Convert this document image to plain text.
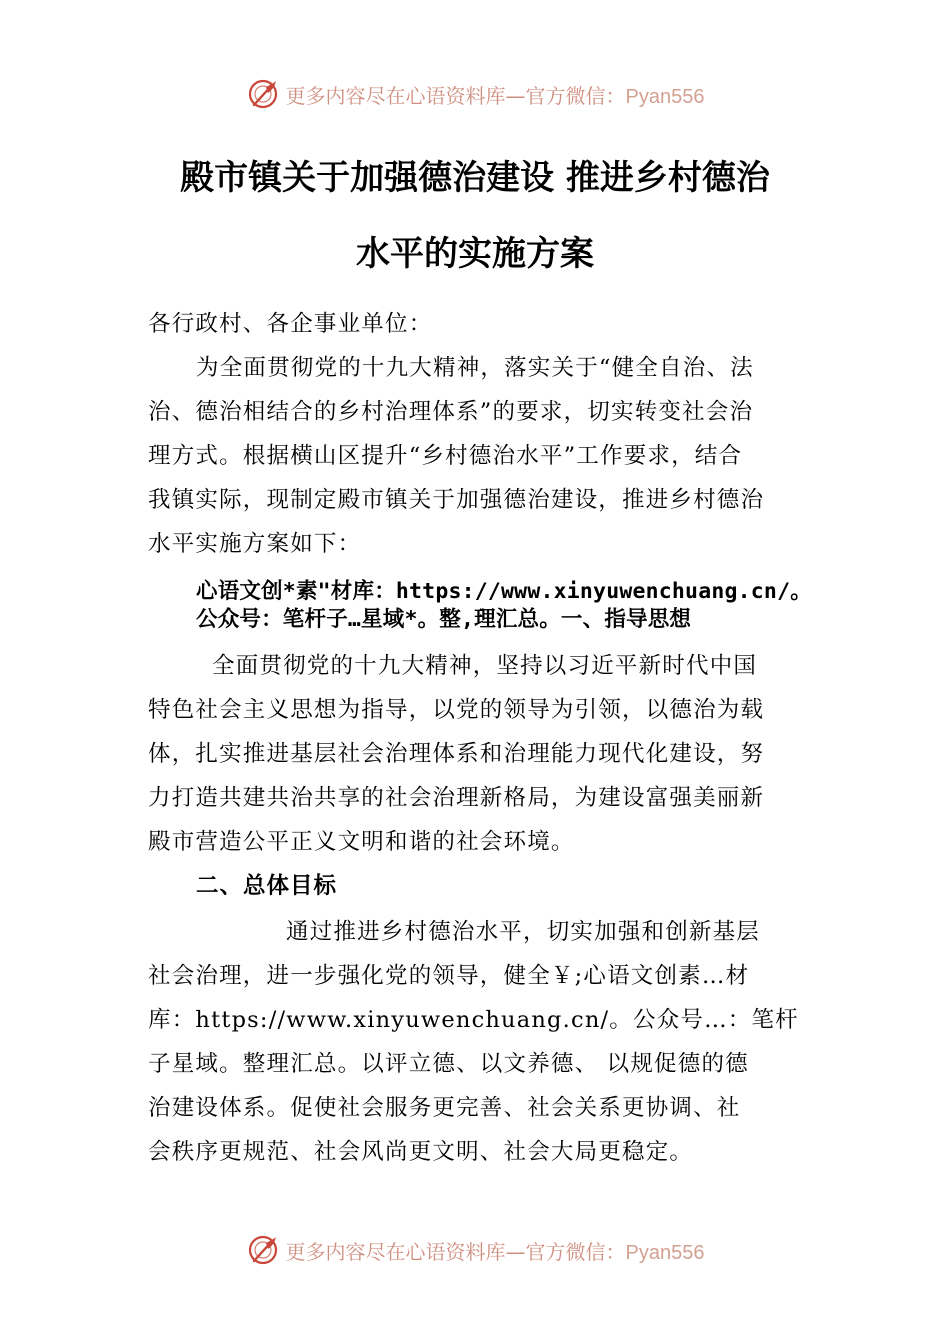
更多内容尽在心语资料库—官方微信：Pyan556
殿市镇关于加强德治建设 推进乡村德治
水平的实施方案
各行政村、各企事业单位：
为全面贯彻党的十九大精神，落实关于“健全自治、法
治、德治相结合的乡村治理体系”的要求，切实转变社会治
理方式。根据横山区提升“乡村德治水平”工作要求，结合
我镇实际，现制定殿市镇关于加强德治建设，推进乡村德治
水平实施方案如下：
心语文创*素"材库：https://www.xinyuwenchuang.cn/。
公众号：笔杆子…星域*。整,理汇总。一、指导思想
全面贯彻党的十九大精神，坚持以习近平新时代中国
特色社会主义思想为指导，以党的领导为引领，以德治为载
体，扎实推进基层社会治理体系和治理能力现代化建设，努
力打造共建共治共享的社会治理新格局，为建设富强美丽新
殿市营造公平正义文明和谐的社会环境。
二、总体目标
通过推进乡村德治水平，切实加强和创新基层
社会治理，进一步强化党的领导，健全￥;心语文创素…材
库：https://www.xinyuwenchuang.cn/。公众号…：笔杆
子星域。整理汇总。以评立德、以文养德、 以规促德的德
治建设体系。促使社会服务更完善、社会关系更协调、社
会秩序更规范、社会风尚更文明、社会大局更稳定。
更多内容尽在心语资料库—官方微信：Pyan556
